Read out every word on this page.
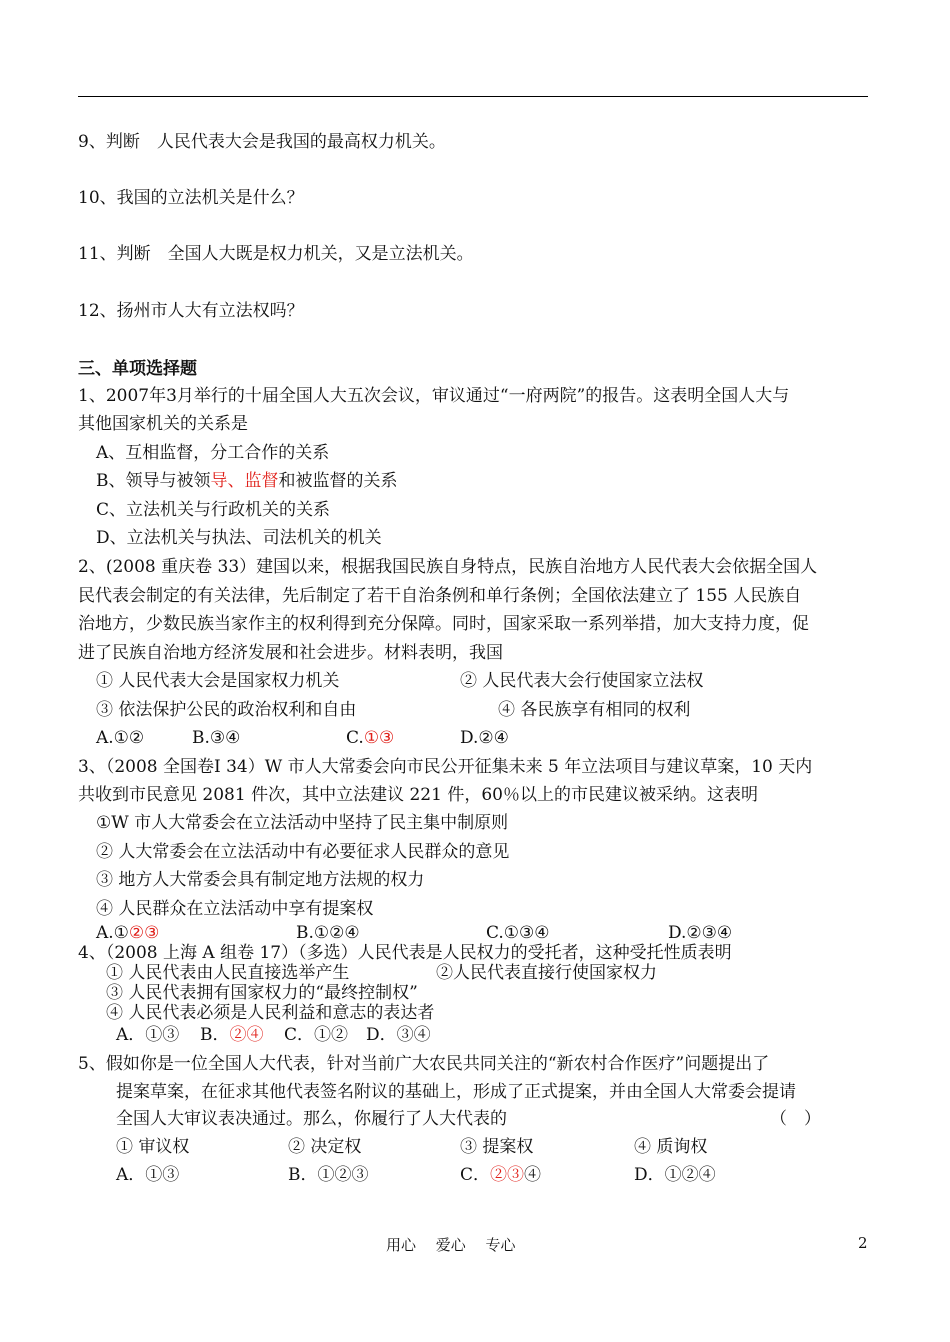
9、判断　人民代表大会是我国的最高权力机关。
10、我国的立法机关是什么？
11、判断　全国人大既是权力机关，又是立法机关。
12、扬州市人大有立法权吗？
三、单项选择题
1、2007年3月举行的十届全国人大五次会议，审议通过“一府两院”的报告。这表明全国人大与
其他国家机关的关系是
A、互相监督，分工合作的关系
B、领导与被领导、监督和被监督的关系
C、立法机关与行政机关的关系
D、立法机关与执法、司法机关的机关
2、(2008 重庆卷 33）建国以来，根据我国民族自身特点，民族自治地方人民代表大会依据全国人
民代表会制定的有关法律，先后制定了若干自治条例和单行条例；全国依法建立了 155 人民族自
治地方，少数民族当家作主的权利得到充分保障。同时，国家采取一系列举措，加大支持力度，促
进了民族自治地方经济发展和社会进步。材料表明，我国
① 人民代表大会是国家权力机关	② 人民代表大会行使国家立法权
③ 依法保护公民的政治权利和自由	④ 各民族享有相同的权利
A.①②	B.③④	C.①③	D.②④
3、（2008 全国卷Ⅰ 34）W 市人大常委会向市民公开征集未来 5 年立法项目与建议草案，10 天内
共收到市民意见 2081 件次，其中立法建议 221 件，60％以上的市民建议被采纳。这表明
①W 市人大常委会在立法活动中坚持了民主集中制原则
② 人大常委会在立法活动中有必要征求人民群众的意见
③ 地方人大常委会具有制定地方法规的权力
④ 人民群众在立法活动中享有提案权
A.①②③	B.①②④	C.①③④	D.②③④
4、（2008 上海 A 组卷 17）（多选）人民代表是人民权力的受托者，这种受托性质表明
① 人民代表由人民直接选举产生	②人民代表直接行使国家权力
③ 人民代表拥有国家权力的“最终控制权”
④ 人民代表必须是人民利益和意志的表达者
A．①③ B．②④ C．①② D．③④
5、假如你是一位全国人大代表，针对当前广大农民共同关注的“新农村合作医疗”问题提出了
提案草案，在征求其他代表签名附议的基础上，形成了正式提案，并由全国人大常委会提请
全国人大审议表决通过。那么，你履行了人大代表的	（　）
① 审议权	② 决定权	③ 提案权	④ 质询权
A．①③	B．①②③	C．②③④	D．①②④
用心　 爱心　 专心	2
